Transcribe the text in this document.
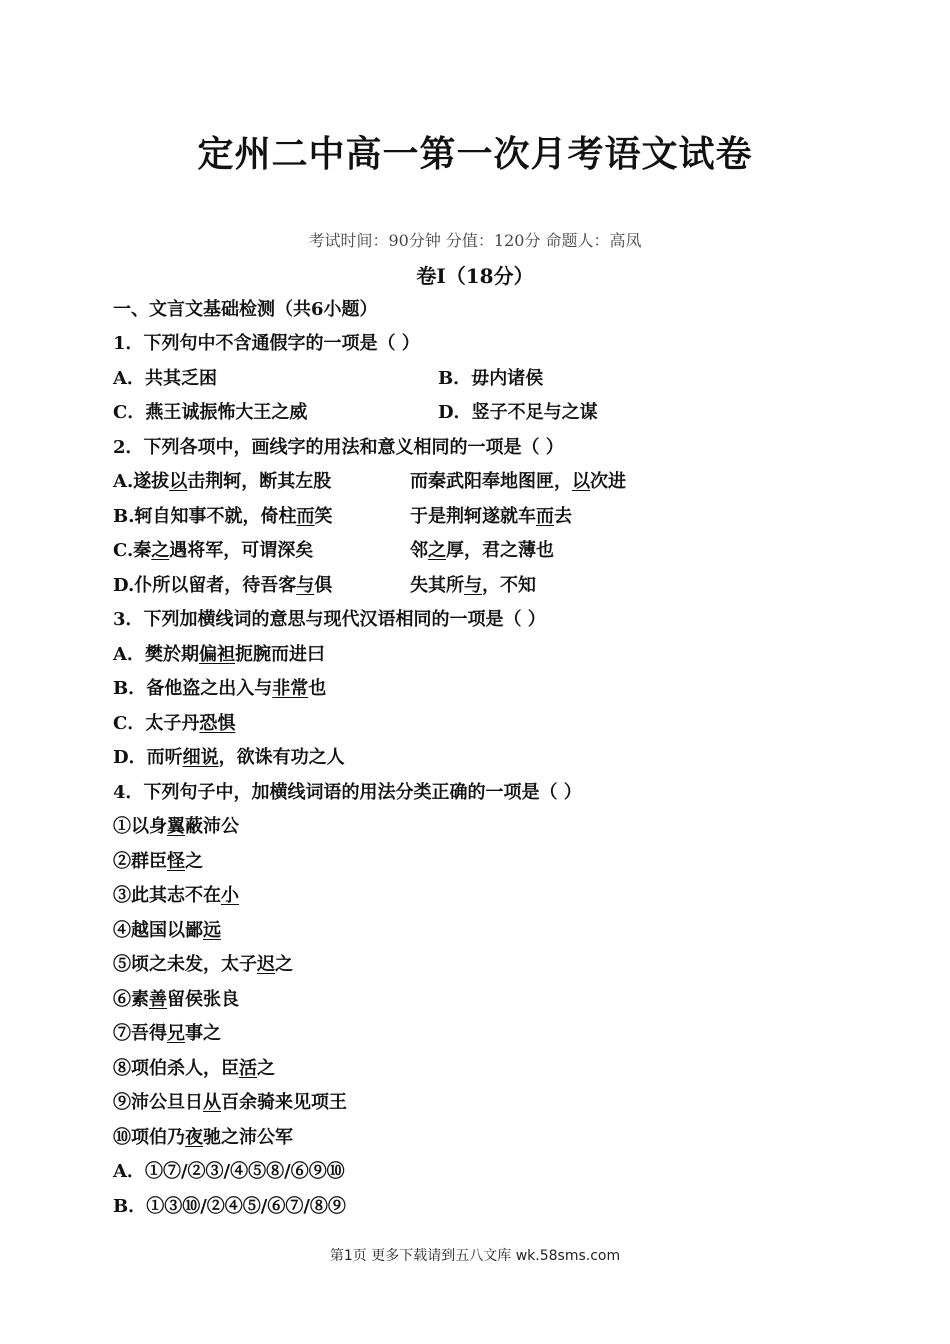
定州二中高一第一次月考语文试卷
考试时间：90分钟 分值：120分 命题人：高凤
卷Ⅰ（18分）
一、文言文基础检测（共6小题）
1．下列句中不含通假字的一项是（ ）
A．共其乏困	B．毋内诸侯
C．燕王诚振怖大王之威	D．竖子不足与之谋
2．下列各项中，画线字的用法和意义相同的一项是（ ）
A.遂拔以击荆轲，断其左股	而秦武阳奉地图匣，以次进
B.轲自知事不就，倚柱而笑	于是荆轲遂就车而去
C.秦之遇将军，可谓深矣	邻之厚，君之薄也
D.仆所以留者，待吾客与俱	失其所与，不知
3．下列加横线词的意思与现代汉语相同的一项是（ ）
A．樊於期偏袒扼腕而进曰
B．备他盗之出入与非常也
C．太子丹恐惧
D．而听细说，欲诛有功之人
4．下列句子中，加横线词语的用法分类正确的一项是（ ）
①以身翼蔽沛公
②群臣怪之
③此其志不在小
④越国以鄙远
⑤顷之未发，太子迟之
⑥素善留侯张良
⑦吾得兄事之
⑧项伯杀人，臣活之
⑨沛公旦日从百余骑来见项王
⑩项伯乃夜驰之沛公军
A．①⑦/②③/④⑤⑧/⑥⑨⑩
B．①③⑩/②④⑤/⑥⑦/⑧⑨
第1页 更多下载请到五八文库 wk.58sms.com
